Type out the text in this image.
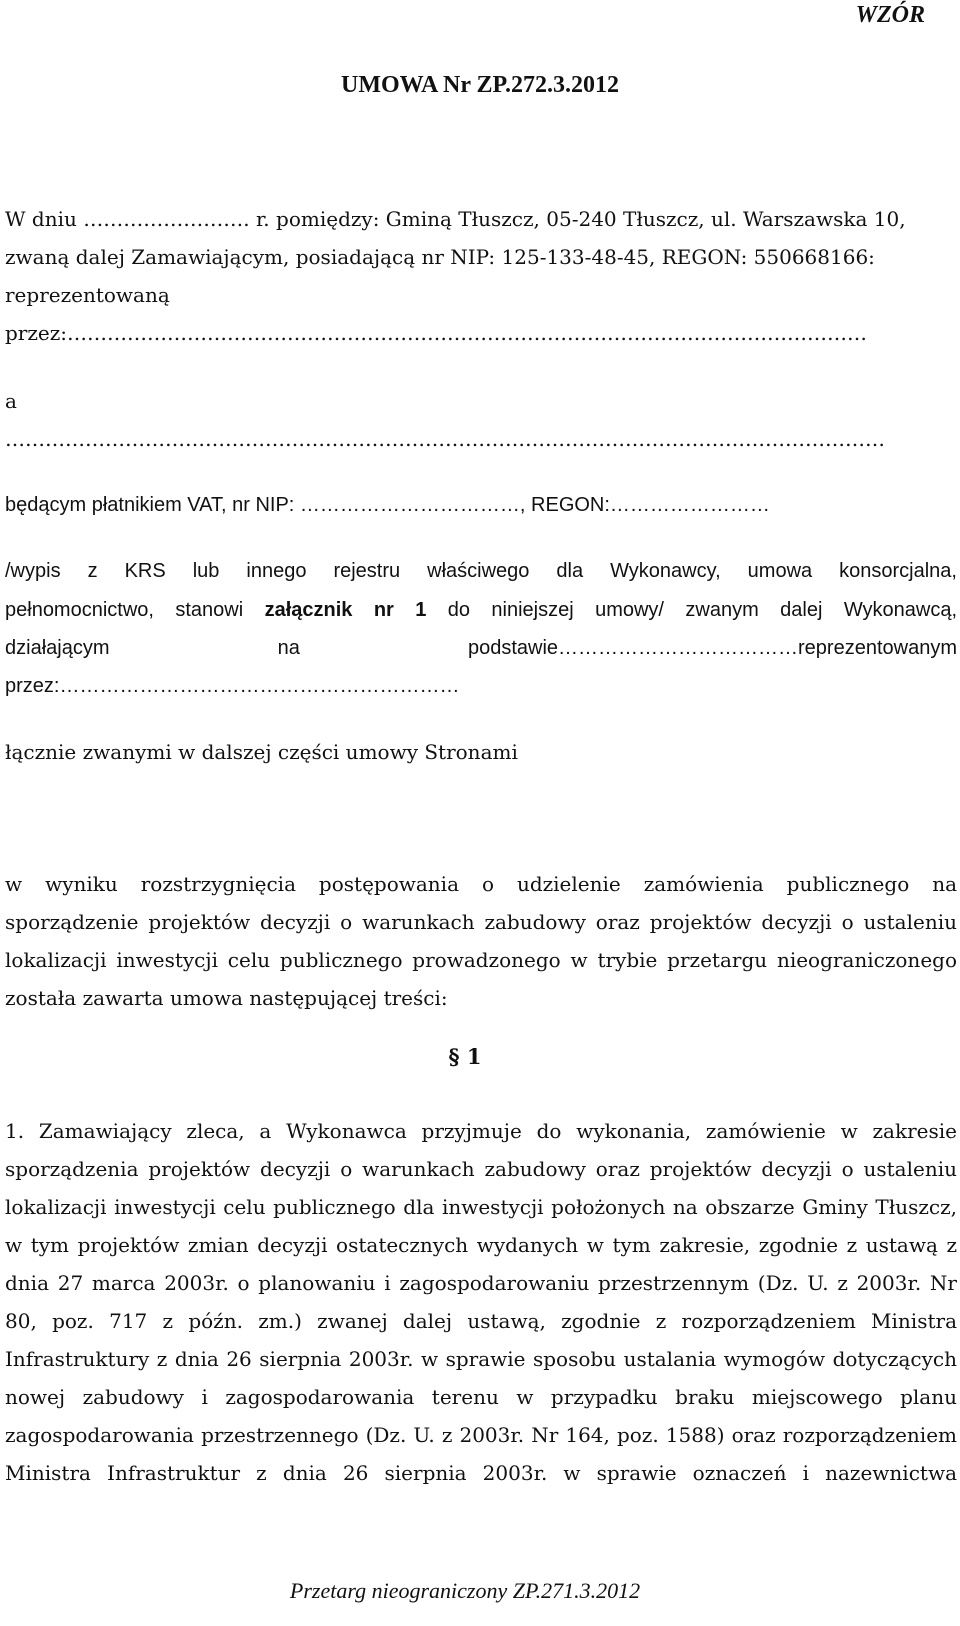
WZÓR
UMOWA Nr ZP.272.3.2012
W dniu ……………………. r. pomiędzy: Gminą Tłuszcz, 05-240 Tłuszcz, ul. Warszawska 10,
zwaną dalej Zamawiającym, posiadającą nr NIP: 125-133-48-45, REGON: 550668166:
reprezentowaną
przez:…………………………………………………………………………………………………………
a
……………………………………………………………………………………………………………………
będącym płatnikiem VAT, nr NIP: ……………………………, REGON:……………………
/wypis z KRS lub innego rejestru właściwego dla Wykonawcy, umowa konsorcjalna,
pełnomocnictwo, stanowi załącznik nr 1 do niniejszej umowy/ zwanym dalej Wykonawcą,
działającym	na	podstawie………………………………reprezentowanym
przez:……………………………………………………
łącznie zwanymi w dalszej części umowy Stronami
w wyniku rozstrzygnięcia postępowania o udzielenie zamówienia publicznego na
sporządzenie projektów decyzji o warunkach zabudowy oraz projektów decyzji o ustaleniu
lokalizacji inwestycji celu publicznego prowadzonego w trybie przetargu nieograniczonego
została zawarta umowa następującej treści:
§ 1
1. Zamawiający zleca, a Wykonawca przyjmuje do wykonania, zamówienie w zakresie
sporządzenia projektów decyzji o warunkach zabudowy oraz projektów decyzji o ustaleniu
lokalizacji inwestycji celu publicznego dla inwestycji położonych na obszarze Gminy Tłuszcz,
w tym projektów zmian decyzji ostatecznych wydanych w tym zakresie, zgodnie z ustawą z
dnia 27 marca 2003r. o planowaniu i zagospodarowaniu przestrzennym (Dz. U. z 2003r. Nr
80, poz. 717 z późn. zm.) zwanej dalej ustawą, zgodnie z rozporządzeniem Ministra
Infrastruktury z dnia 26 sierpnia 2003r. w sprawie sposobu ustalania wymogów dotyczących
nowej zabudowy i zagospodarowania terenu w przypadku braku miejscowego planu
zagospodarowania przestrzennego (Dz. U. z 2003r. Nr 164, poz. 1588) oraz rozporządzeniem
Ministra Infrastruktur z dnia 26 sierpnia 2003r. w sprawie oznaczeń i nazewnictwa
Przetarg nieograniczony ZP.271.3.2012
